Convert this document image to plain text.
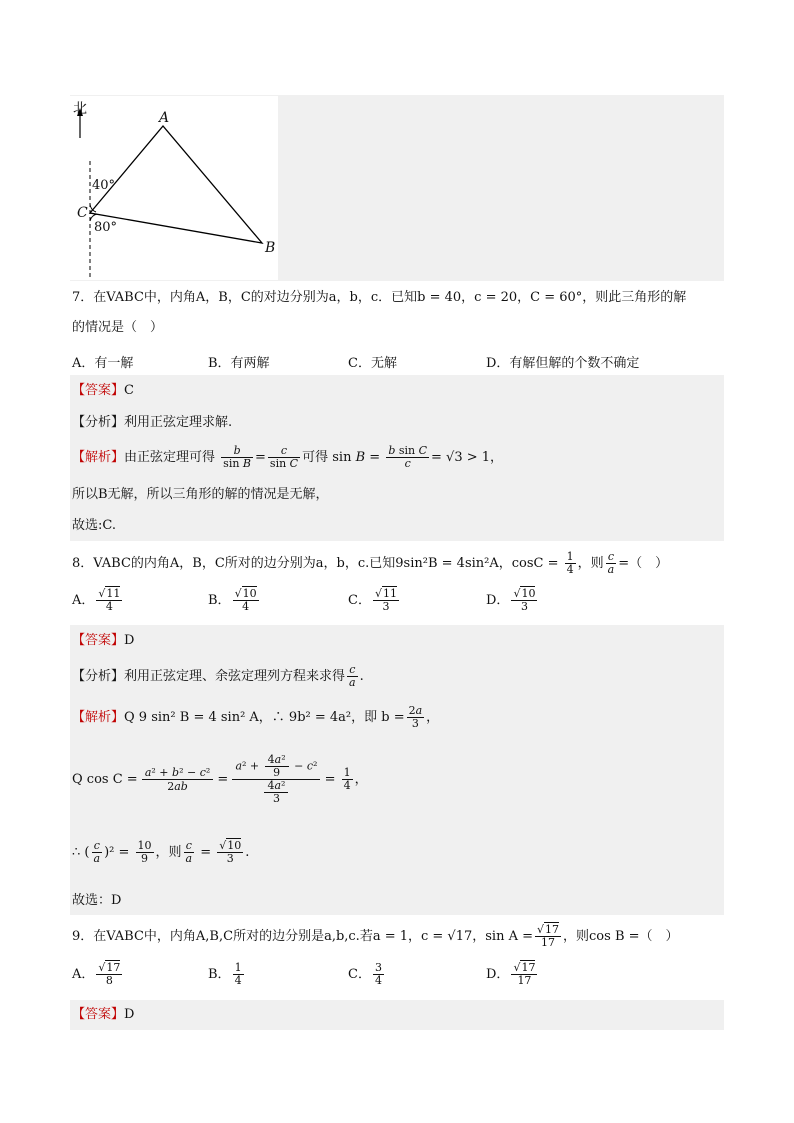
北
A
B
C
40°
80°
7．在VABC中，内角A，B，C的对边分别为a，b，c．已知b = 40，c = 20，C = 60°，则此三角形的解
的情况是（　）
A．有一解	B．有两解	C．无解	D．有解但解的个数不确定
【答案】C
【分析】利用正弦定理求解.
【解析】由正弦定理可得 $\frac{b}{\text{sin B}} = \frac{c}{\text{sin C}}$ 可得 $\sin B = \frac{\text{b sin C}}{c} = √3 > 1$，
所以B无解，所以三角形的解的情况是无解，
故选:C.
8．VABC的内角A，B，C所对的边分别为a，b，c.已知9sin²B = 4sin²A，$\cos C = \frac{1}{4}$ ，则 $\frac{c}{a}$ =（　）
A． $\frac{√11}{4}$	B． $\frac{√10}{4}$	C． $\frac{√11}{3}$	D． $\frac{√10}{3}$
【答案】D
【分析】利用正弦定理、余弦定理列方程来求得 $\frac{c}{a}$ .
【解析】Q 9 sin² B = 4 sin² A，∴ 9b² = 4a²，即 $b = \frac{2a}{3}$ ，
Q $\cos C = \frac{\text{a² + b² − c²}}{2ab} = \frac{a^2 + \frac{\text{4a²}}{9} - c^2}{\frac{\text{4a²}}{3}} = \frac{1}{4}$ ，
∴ ( $\frac{c}{a} )^2 = \frac{10}{9}$ ，则 $\frac{c}{a} = \frac{√10}{3}$ .
故选：D
9．在VABC中，内角A,B,C所对的边分别是a,b,c.若a = 1，c = √17，$\sin A = \frac{√17}{17}$ ，则cos B =（　）
A． $\frac{√17}{8}$	B． $\frac{1}{4}$	C． $\frac{3}{4}$	D． $\frac{√17}{17}$
【答案】D
